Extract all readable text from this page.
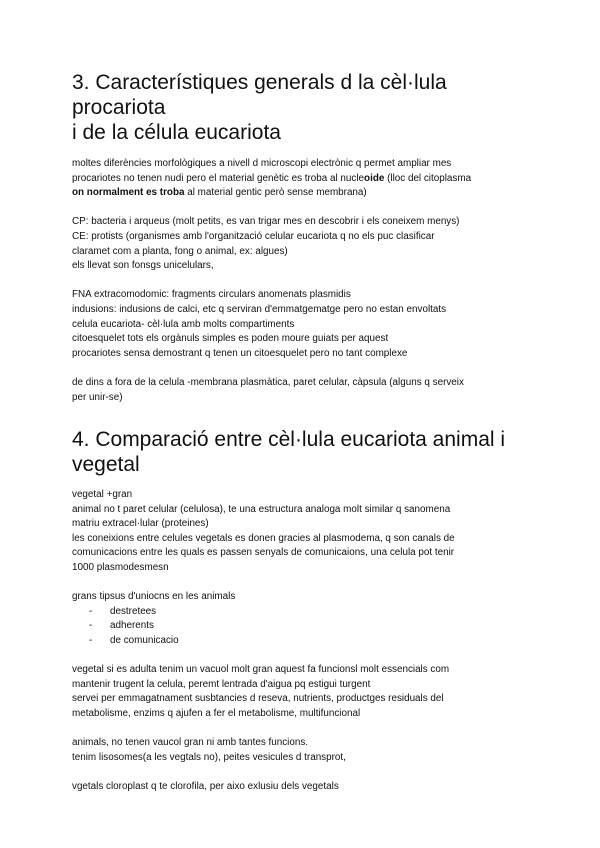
3. Característiques generals d la cèl·lula procariota
i de la célula eucariota

moltes diferències morfològiques a nivell d microscopi electrònic q permet ampliar mes

procariotes no tenen nudi pero el material genètic es troba al nucleoide (lloc del citoplasma

on normalment es troba al material gentic però sense membrana)

CP: bacteria i arqueus (molt petits, es van trigar mes en descobrir i els coneixem menys)

CE: protists (organismes amb l'organització celular eucariota q no els puc clasificar

claramet com a planta, fong o animal, ex: algues)

els llevat son fonsgs unicelulars,

FNA extracomodomic: fragments circulars anomenats plasmidis

indusions: indusions de calci, etc q serviran d'emmatgematge pero no estan envoltats

celula eucariota- cèl·lula amb molts compartiments

citoesquelet tots els orgànuls simples es poden moure guiats per aquest

procariotes sensa demostrant q tenen un citoesquelet pero no tant complexe

de dins a fora de la celula -membrana plasmàtica, paret celular, càpsula (alguns q serveix

per unir-se)

4. Comparació entre cèl·lula eucariota animal i
vegetal

vegetal +gran

animal no t paret celular (celulosa), te una estructura analoga molt similar q sanomena

matriu extracel·lular (proteines)

les coneixions entre celules vegetals es donen gracies al plasmodema, q son canals de

comunicacions entre les quals es passen senyals de comunicaions, una celula pot tenir

1000 plasmodesmesn

grans tipsus d'uniocns en les animals

- destretees
- adherents
- de comunicacio

vegetal si es adulta tenim un vacuol molt gran aquest fa funcionsl molt essencials com

mantenir trugent la celula, peremt lentrada d'aigua pq estigui turgent

servei per emmagatnament susbtancies d reseva, nutrients, productges residuals del

metabolisme, enzims q ajufen a fer el metabolisme, multifuncional

animals, no tenen vaucol gran ni amb tantes funcions.

tenim lisosomes(a les vegtals no), peites vesicules d transprot,

vgetals cloroplast q te clorofila, per aixo exlusiu dels vegetals
